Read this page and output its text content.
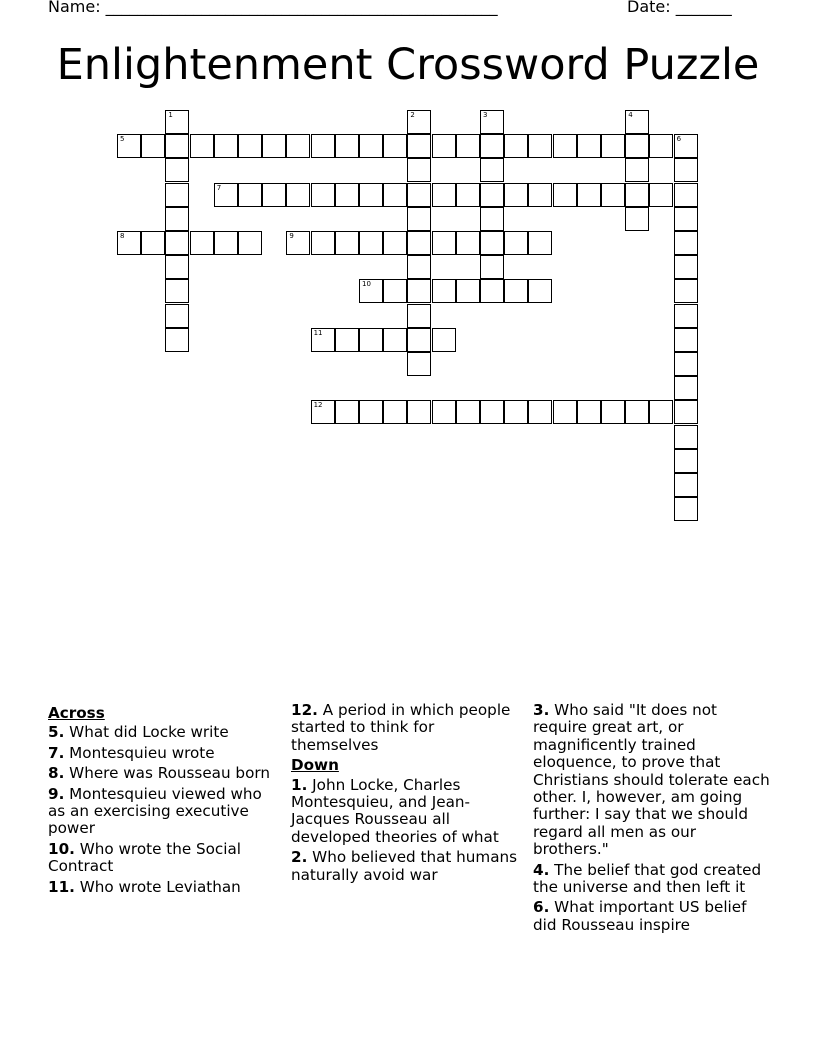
Name: _________________________________________________	Date: _______
Enlightenment Crossword Puzzle
1	2	3	4
5	6
7
8	9
10
11
12
Across
5. What did Locke write
7. Montesquieu wrote
8. Where was Rousseau born
9. Montesquieu viewed who as an exercising executive power
10. Who wrote the Social Contract
11. Who wrote Leviathan
12. A period in which people started to think for themselves
Down
1. John Locke, Charles Montesquieu, and Jean-Jacques Rousseau all developed theories of what
2. Who believed that humans naturally avoid war
3. Who said "It does not require great art, or magnificently trained eloquence, to prove that Christians should tolerate each other. I, however, am going further: I say that we should regard all men as our brothers."
4. The belief that god created the universe and then left it
6. What important US belief did Rousseau inspire
